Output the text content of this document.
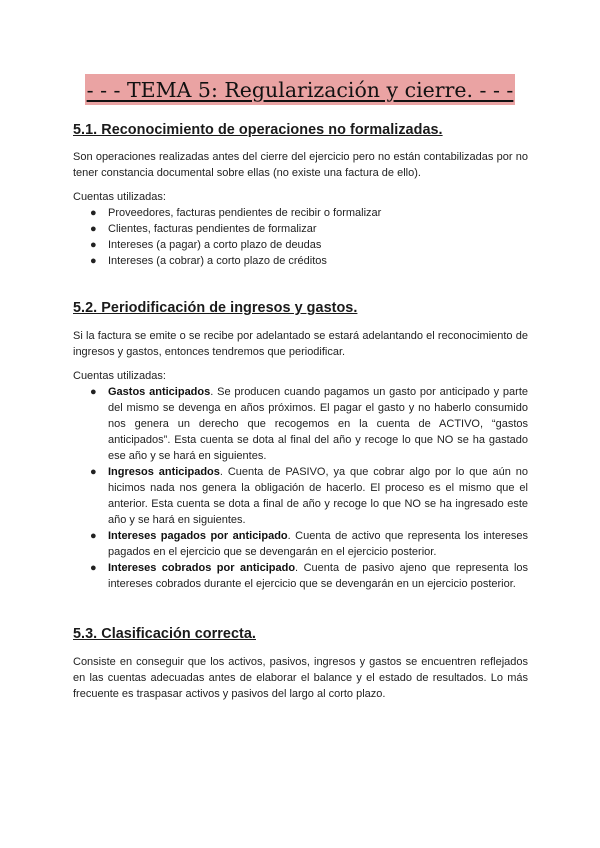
- - - TEMA 5: Regularización y cierre. - - -
5.1. Reconocimiento de operaciones no formalizadas.

Son operaciones realizadas antes del cierre del ejercicio pero no están contabilizadas por no tener constancia documental sobre ellas (no existe una factura de ello).

Cuentas utilizadas:
● Proveedores, facturas pendientes de recibir o formalizar
● Clientes, facturas pendientes de formalizar
● Intereses (a pagar) a corto plazo de deudas
● Intereses (a cobrar) a corto plazo de créditos
5.2. Periodificación de ingresos y gastos.

Si la factura se emite o se recibe por adelantado se estará adelantando el reconocimiento de ingresos y gastos, entonces tendremos que periodificar.

Cuentas utilizadas:
● Gastos anticipados. Se producen cuando pagamos un gasto por anticipado y parte del mismo se devenga en años próximos. El pagar el gasto y no haberlo consumido nos genera un derecho que recogemos en la cuenta de ACTIVO, “gastos anticipados”. Esta cuenta se dota al final del año y recoge lo que NO se ha gastado ese año y se hará en siguientes.
● Ingresos anticipados. Cuenta de PASIVO, ya que cobrar algo por lo que aún no hicimos nada nos genera la obligación de hacerlo. El proceso es el mismo que el anterior. Esta cuenta se dota a final de año y recoge lo que NO se ha ingresado este año y se hará en siguientes.
● Intereses pagados por anticipado. Cuenta de activo que representa los intereses pagados en el ejercicio que se devengarán en el ejercicio posterior.
● Intereses cobrados por anticipado. Cuenta de pasivo ajeno que representa los intereses cobrados durante el ejercicio que se devengarán en un ejercicio posterior.
5.3. Clasificación correcta.

Consiste en conseguir que los activos, pasivos, ingresos y gastos se encuentren reflejados en las cuentas adecuadas antes de elaborar el balance y el estado de resultados. Lo más frecuente es traspasar activos y pasivos del largo al corto plazo.
